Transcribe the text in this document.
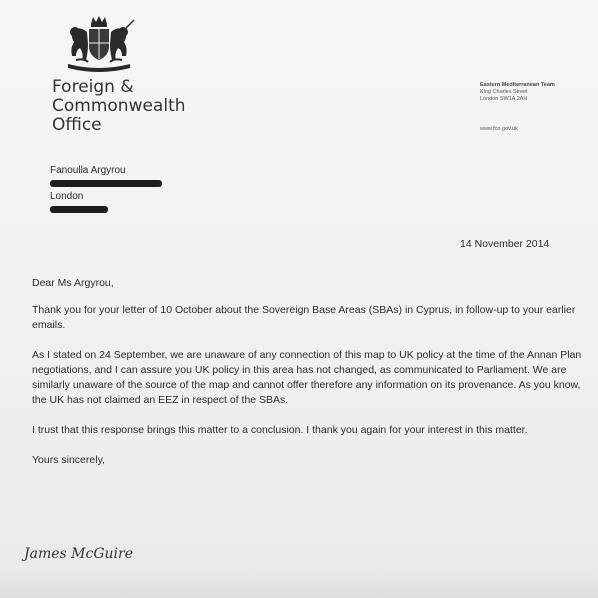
Foreign &
Commonwealth
Office
Eastern Mediterranean Team
King Charles Street
London SW1A 2AH
www.fco.gov.uk
Fanoulla Argyrou
London
14 November 2014

Dear Ms Argyrou,

Thank you for your letter of 10 October about the Sovereign Base Areas (SBAs) in Cyprus, in follow-up to your earlier emails.

As I stated on 24 September, we are unaware of any connection of this map to UK policy at the time of the Annan Plan negotiations, and I can assure you UK policy in this area has not changed, as communicated to Parliament. We are similarly unaware of the source of the map and cannot offer therefore any information on its provenance. As you know, the UK has not claimed an EEZ in respect of the SBAs.

I trust that this response brings this matter to a conclusion. I thank you again for your interest in this matter.

Yours sincerely,

James McGuire
